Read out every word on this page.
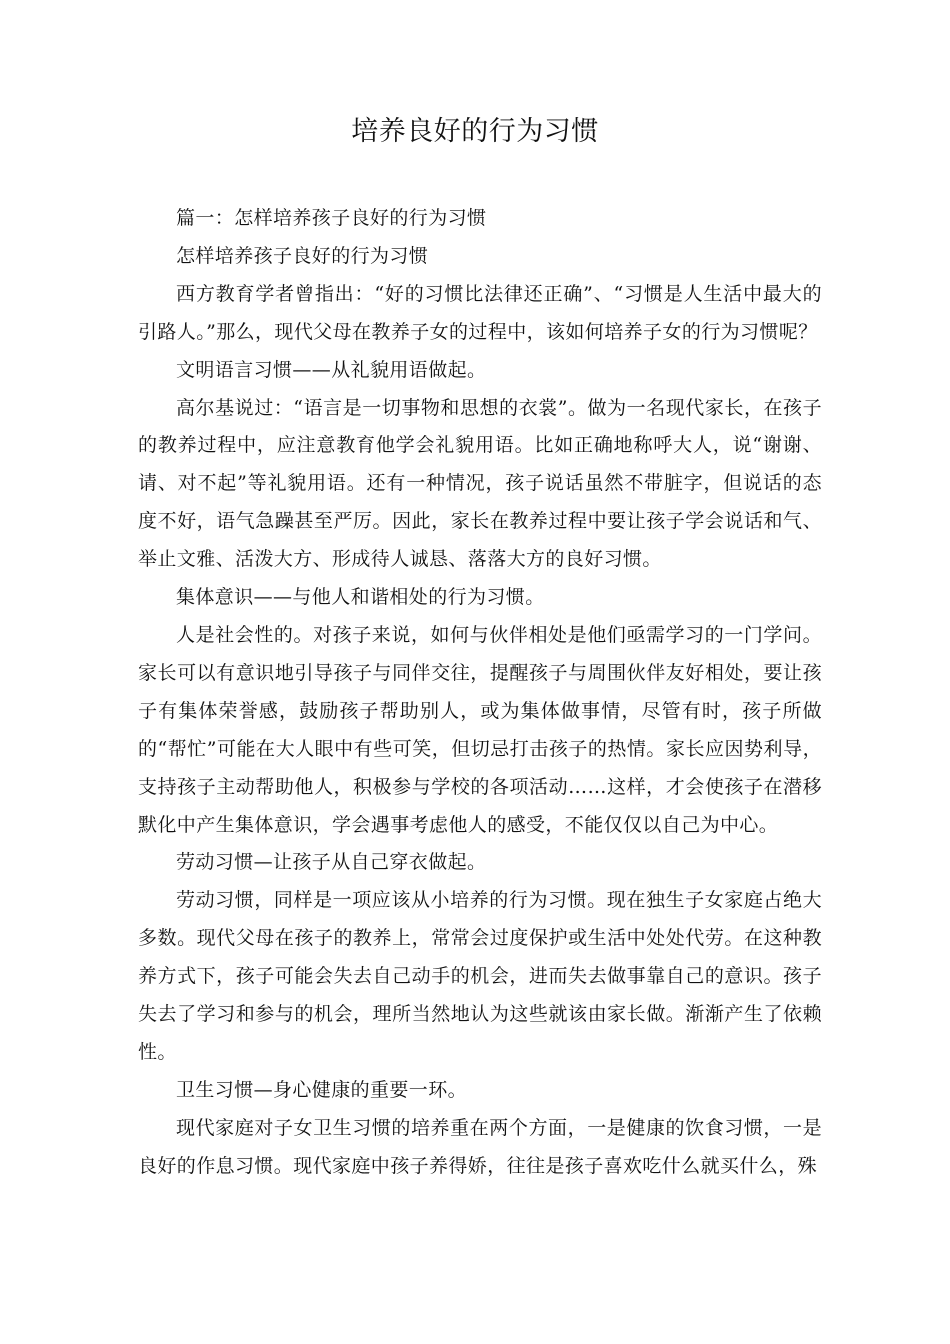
培养良好的行为习惯

篇一：怎样培养孩子良好的行为习惯

怎样培养孩子良好的行为习惯

西方教育学者曾指出：“好的习惯比法律还正确”、“习惯是人生活中最大的引路人。”那么，现代父母在教养子女的过程中，该如何培养子女的行为习惯呢？

文明语言习惯——从礼貌用语做起。

高尔基说过：“语言是一切事物和思想的衣裳”。做为一名现代家长，在孩子的教养过程中，应注意教育他学会礼貌用语。比如正确地称呼大人，说“谢谢、请、对不起”等礼貌用语。还有一种情况，孩子说话虽然不带脏字，但说话的态度不好，语气急躁甚至严厉。因此，家长在教养过程中要让孩子学会说话和气、举止文雅、活泼大方、形成待人诚恳、落落大方的良好习惯。

集体意识——与他人和谐相处的行为习惯。

人是社会性的。对孩子来说，如何与伙伴相处是他们亟需学习的一门学问。家长可以有意识地引导孩子与同伴交往，提醒孩子与周围伙伴友好相处，要让孩子有集体荣誉感，鼓励孩子帮助别人，或为集体做事情，尽管有时，孩子所做的“帮忙”可能在大人眼中有些可笑，但切忌打击孩子的热情。家长应因势利导，支持孩子主动帮助他人，积极参与学校的各项活动……这样，才会使孩子在潜移默化中产生集体意识，学会遇事考虑他人的感受，不能仅仅以自己为中心。

劳动习惯—让孩子从自己穿衣做起。

劳动习惯，同样是一项应该从小培养的行为习惯。现在独生子女家庭占绝大多数。现代父母在孩子的教养上，常常会过度保护或生活中处处代劳。在这种教养方式下，孩子可能会失去自己动手的机会，进而失去做事靠自己的意识。孩子失去了学习和参与的机会，理所当然地认为这些就该由家长做。渐渐产生了依赖性。

卫生习惯—身心健康的重要一环。

现代家庭对子女卫生习惯的培养重在两个方面，一是健康的饮食习惯，一是良好的作息习惯。现代家庭中孩子养得娇，往往是孩子喜欢吃什么就买什么，殊
